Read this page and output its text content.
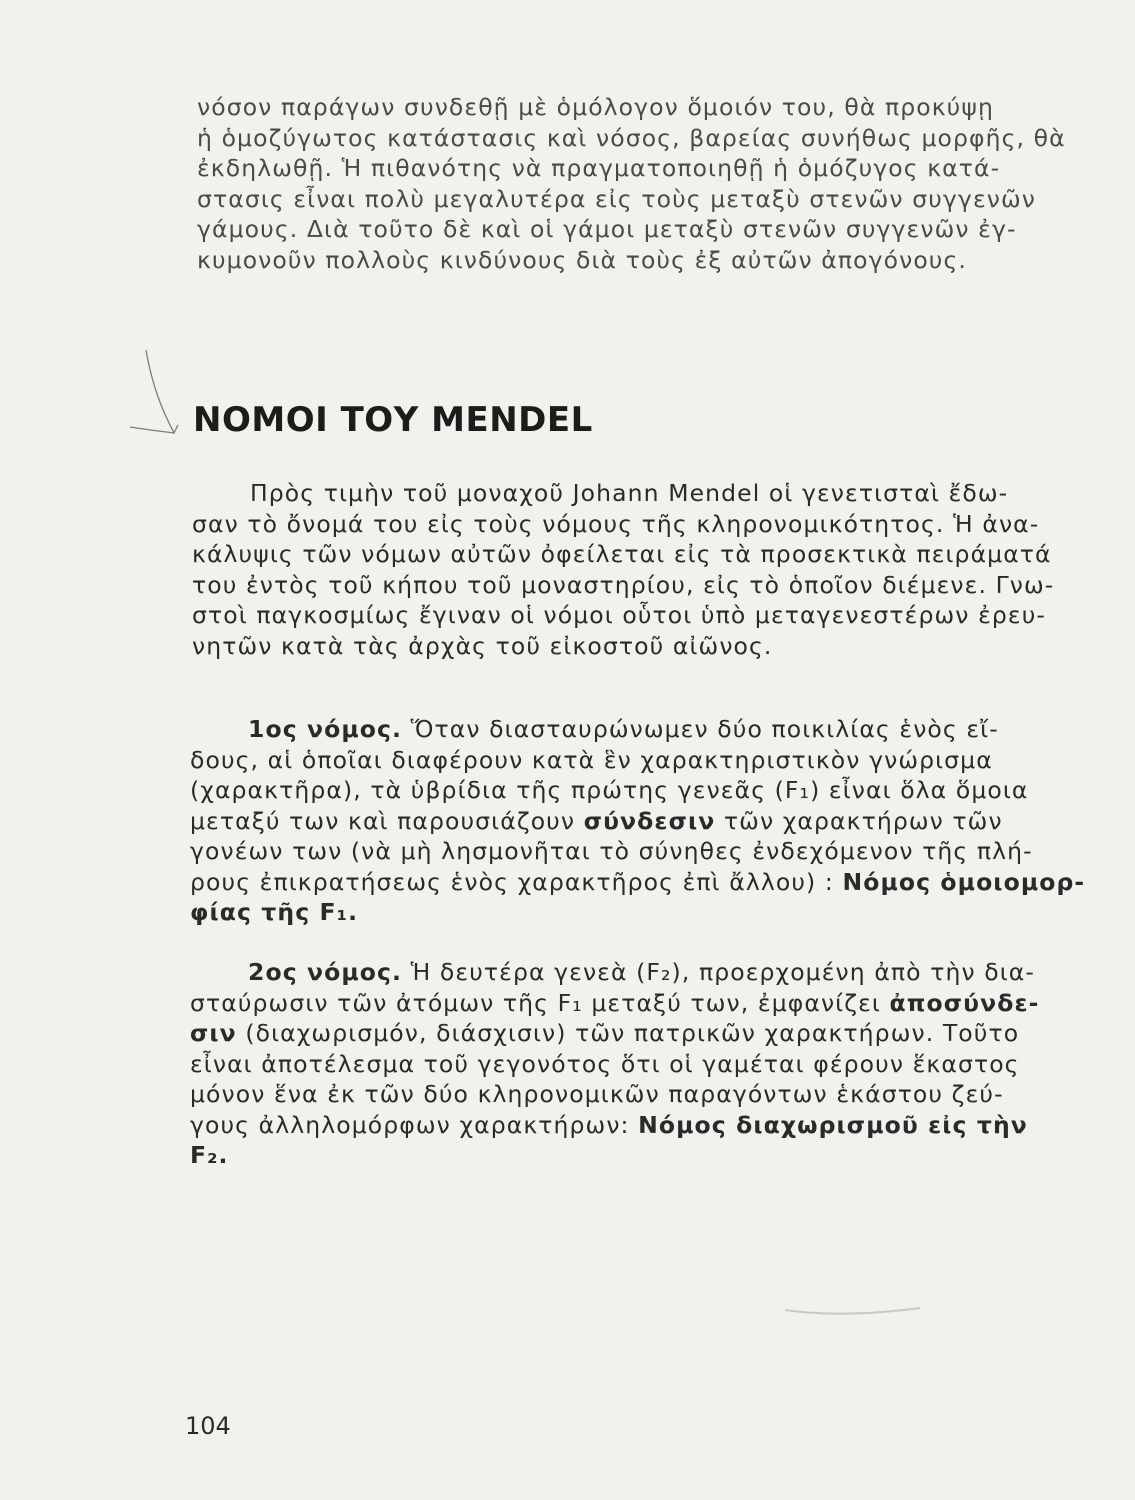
νόσον παράγων συνδεθῇ μὲ ὁμόλογον ὅμοιόν του, θὰ προκύψῃ
ἡ ὁμοζύγωτος κατάστασις καὶ νόσος, βαρείας συνήθως μορφῆς, θὰ
ἐκδηλωθῇ. Ἡ πιθανότης νὰ πραγματοποιηθῇ ἡ ὁμόζυγος κατά-
στασις εἶναι πολὺ μεγαλυτέρα εἰς τοὺς μεταξὺ στενῶν συγγενῶν
γάμους. Διὰ τοῦτο δὲ καὶ οἱ γάμοι μεταξὺ στενῶν συγγενῶν ἐγ-
κυμονοῦν πολλοὺς κινδύνους διὰ τοὺς ἐξ αὐτῶν ἀπογόνους.

ΝΟΜΟΙ ΤΟΥ MENDEL

Πρὸς τιμὴν τοῦ μοναχοῦ Johann Mendel οἱ γενετισταὶ ἔδω-
σαν τὸ ὄνομά του εἰς τοὺς νόμους τῆς κληρονομικότητος. Ἡ ἀνα-
κάλυψις τῶν νόμων αὐτῶν ὀφείλεται εἰς τὰ προσεκτικὰ πειράματά
του ἐντὸς τοῦ κήπου τοῦ μοναστηρίου, εἰς τὸ ὁποῖον διέμενε. Γνω-
στοὶ παγκοσμίως ἔγιναν οἱ νόμοι οὗτοι ὑπὸ μεταγενεστέρων ἐρευ-
νητῶν κατὰ τὰς ἀρχὰς τοῦ εἰκοστοῦ αἰῶνος.

1ος νόμος. Ὅταν διασταυρώνωμεν δύο ποικιλίας ἑνὸς εἴ-
δους, αἱ ὁποῖαι διαφέρουν κατὰ ἓν χαρακτηριστικὸν γνώρισμα
(χαρακτῆρα), τὰ ὑβρίδια τῆς πρώτης γενεᾶς (F₁) εἶναι ὅλα ὅμοια
μεταξύ των καὶ παρουσιάζουν σύνδεσιν τῶν χαρακτήρων τῶν
γονέων των (νὰ μὴ λησμονῆται τὸ σύνηθες ἐνδεχόμενον τῆς πλή-
ρους ἐπικρατήσεως ἑνὸς χαρακτῆρος ἐπὶ ἄλλου) : Νόμος ὁμοιομορ-
φίας τῆς F₁.

2ος νόμος. Ἡ δευτέρα γενεὰ (F₂), προερχομένη ἀπὸ τὴν δια-
σταύρωσιν τῶν ἀτόμων τῆς F₁ μεταξύ των, ἐμφανίζει ἀποσύνδε-
σιν (διαχωρισμόν, διάσχισιν) τῶν πατρικῶν χαρακτήρων. Τοῦτο
εἶναι ἀποτέλεσμα τοῦ γεγονότος ὅτι οἱ γαμέται φέρουν ἕκαστος
μόνον ἕνα ἐκ τῶν δύο κληρονομικῶν παραγόντων ἑκάστου ζεύ-
γους ἀλληλομόρφων χαρακτήρων: Νόμος διαχωρισμοῦ εἰς τὴν
F₂.

104
